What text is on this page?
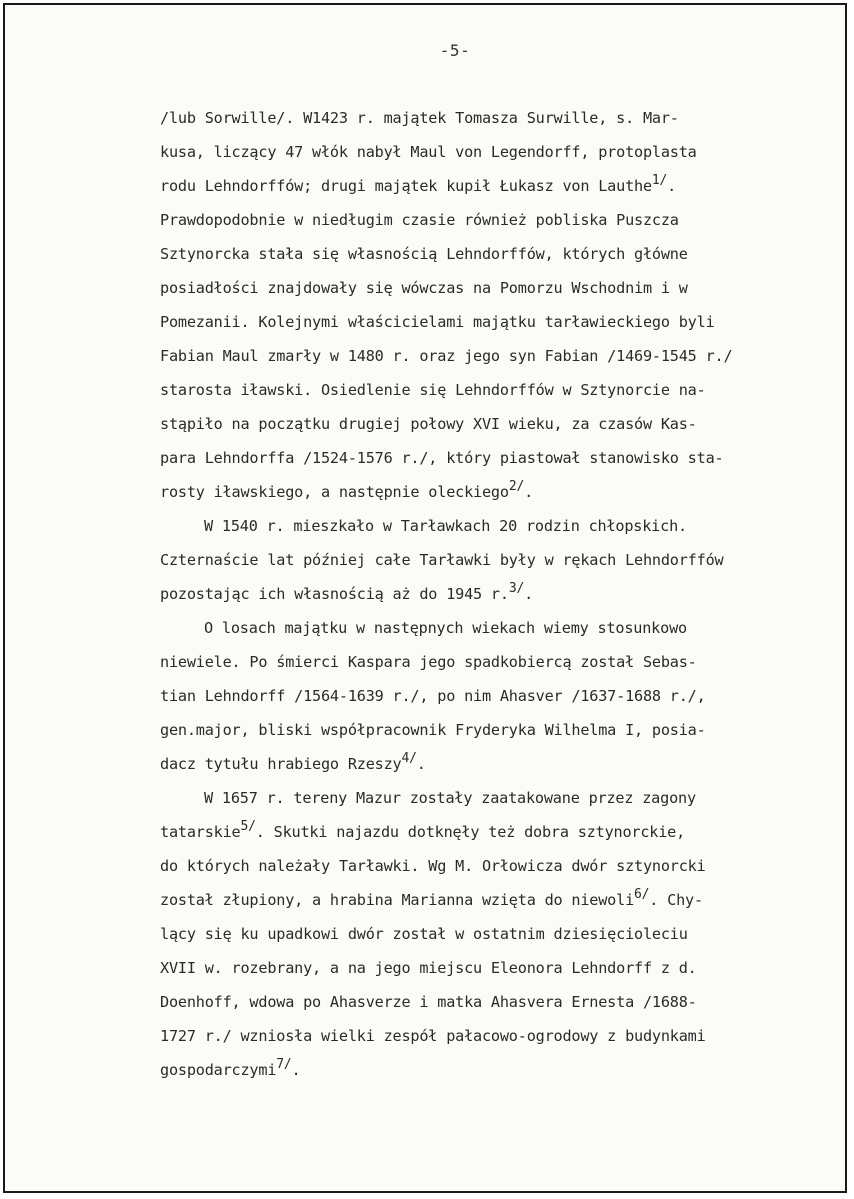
-5-
/lub Sorwille/. W1423 r. majątek Tomasza Surwille, s. Mar-
kusa, liczący 47 włók nabył Maul von Legendorff, protoplasta
rodu Lehndorffów; drugi majątek kupił Łukasz von Lauthe$^{1/}$.
Prawdopodobnie w niedługim czasie również pobliska Puszcza
Sztynorcka stała się własnością Lehndorffów, których główne
posiadłości znajdowały się wówczas na Pomorzu Wschodnim i w
Pomezanii. Kolejnymi właścicielami majątku tarławieckiego byli
Fabian Maul zmarły w 1480 r. oraz jego syn Fabian /1469-1545 r./
starosta iławski. Osiedlenie się Lehndorffów w Sztynorcie na-
stąpiło na początku drugiej połowy XVI wieku, za czasów Kas-
para Lehndorffa /1524-1576 r./, który piastował stanowisko sta-
rosty iławskiego, a następnie oleckiego$^{2/}$.
W 1540 r. mieszkało w Tarławkach 20 rodzin chłopskich.
Czternaście lat później całe Tarławki były w rękach Lehndorffów
pozostając ich własnością aż do 1945 r.$^{3/}$.
O losach majątku w następnych wiekach wiemy stosunkowo
niewiele. Po śmierci Kaspara jego spadkobiercą został Sebas-
tian Lehndorff /1564-1639 r./, po nim Ahasver /1637-1688 r./,
gen.major, bliski współpracownik Fryderyka Wilhelma I, posia-
dacz tytułu hrabiego Rzeszy$^{4/}$.
W 1657 r. tereny Mazur zostały zaatakowane przez zagony
tatarskie$^{5/}$. Skutki najazdu dotknęły też dobra sztynorckie,
do których należały Tarławki. Wg M. Orłowicza dwór sztynorcki
został złupiony, a hrabina Marianna wzięta do niewoli$^{6/}$. Chy-
lący się ku upadkowi dwór został w ostatnim dziesięcioleciu
XVII w. rozebrany, a na jego miejscu Eleonora Lehndorff z d.
Doenhoff, wdowa po Ahasverze i matka Ahasvera Ernesta /1688-
1727 r./ wzniosła wielki zespół pałacowo-ogrodowy z budynkami
gospodarczymi$^{7/}$.
